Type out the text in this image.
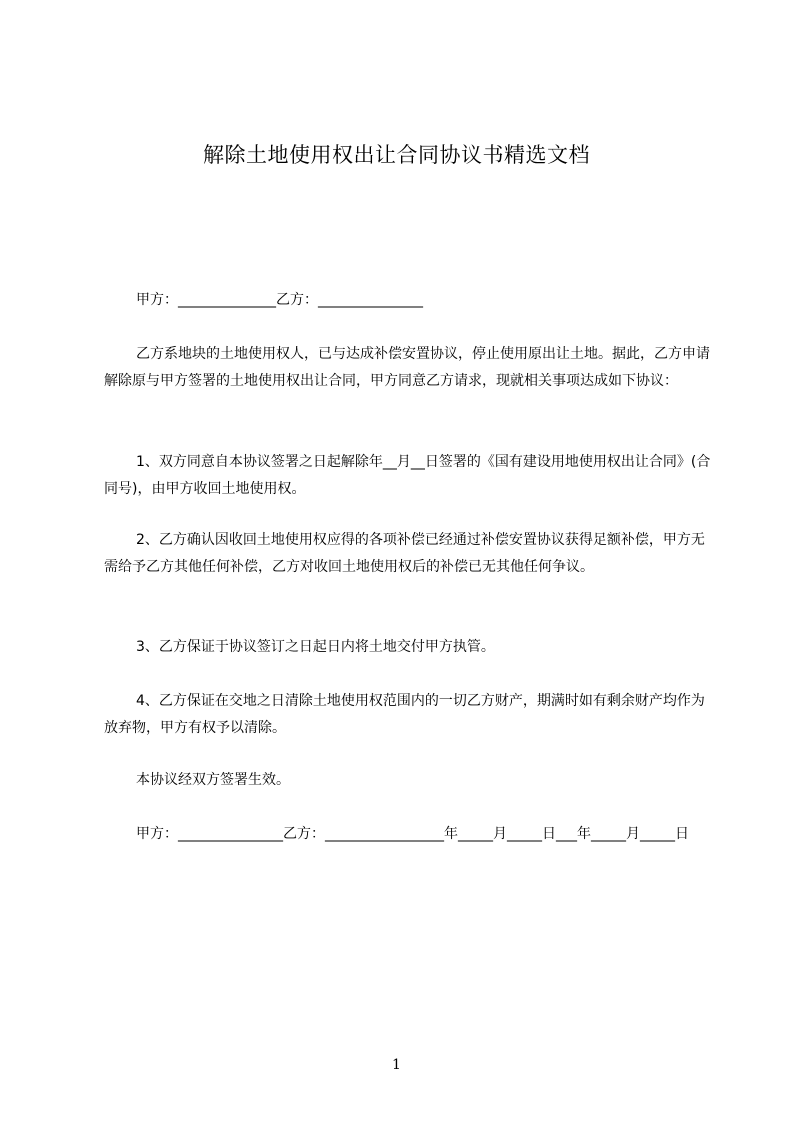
解除土地使用权出让合同协议书精选文档
甲方：______________乙方：_______________
乙方系地块的土地使用权人，已与达成补偿安置协议，停止使用原出让土地。据此，乙方申请解除原与甲方签署的土地使用权出让合同，甲方同意乙方请求，现就相关事项达成如下协议：
1、双方同意自本协议签署之日起解除年__月__日签署的《国有建设用地使用权出让合同》(合同号)，由甲方收回土地使用权。
2、乙方确认因收回土地使用权应得的各项补偿已经通过补偿安置协议获得足额补偿，甲方无需给予乙方其他任何补偿，乙方对收回土地使用权后的补偿已无其他任何争议。
3、乙方保证于协议签订之日起日内将土地交付甲方执管。
4、乙方保证在交地之日清除土地使用权范围内的一切乙方财产，期满时如有剩余财产均作为放弃物，甲方有权予以清除。
本协议经双方签署生效。
甲方：_______________乙方：_________________年_____月_____日___年_____月_____日
1
